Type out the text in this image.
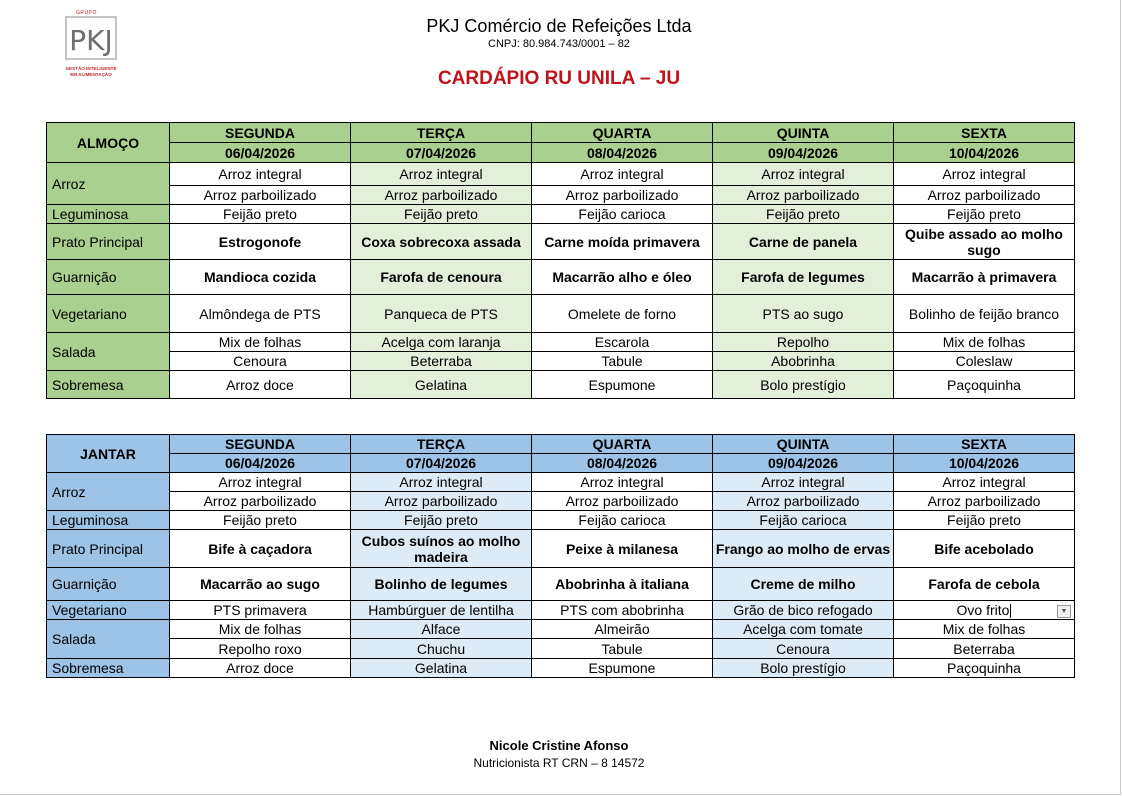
GRUPO
PKJ
GESTÃO INTELIGENTE
EM ALIMENTAÇÃO
PKJ Comércio de Refeições Ltda
CNPJ: 80.984.743/0001 – 82
CARDÁPIO RU UNILA – JU
ALMOÇO	SEGUNDA	TERÇA	QUARTA	QUINTA	SEXTA
	06/04/2026	07/04/2026	08/04/2026	09/04/2026	10/04/2026
Arroz	Arroz integral	Arroz integral	Arroz integral	Arroz integral	Arroz integral
	Arroz parboilizado	Arroz parboilizado	Arroz parboilizado	Arroz parboilizado	Arroz parboilizado
Leguminosa	Feijão preto	Feijão preto	Feijão carioca	Feijão preto	Feijão preto
Prato Principal	Estrogonofe	Coxa sobrecoxa assada	Carne moída primavera	Carne de panela	Quibe assado ao molho sugo
Guarnição	Mandioca cozida	Farofa de cenoura	Macarrão alho e óleo	Farofa de legumes	Macarrão à primavera
Vegetariano	Almôndega de PTS	Panqueca de PTS	Omelete de forno	PTS ao sugo	Bolinho de feijão branco
Salada	Mix de folhas	Acelga com laranja	Escarola	Repolho	Mix de folhas
	Cenoura	Beterraba	Tabule	Abobrinha	Coleslaw
Sobremesa	Arroz doce	Gelatina	Espumone	Bolo prestígio	Paçoquinha
JANTAR	SEGUNDA	TERÇA	QUARTA	QUINTA	SEXTA
	06/04/2026	07/04/2026	08/04/2026	09/04/2026	10/04/2026
Arroz	Arroz integral	Arroz integral	Arroz integral	Arroz integral	Arroz integral
	Arroz parboilizado	Arroz parboilizado	Arroz parboilizado	Arroz parboilizado	Arroz parboilizado
Leguminosa	Feijão preto	Feijão preto	Feijão carioca	Feijão carioca	Feijão preto
Prato Principal	Bife à caçadora	Cubos suínos ao molho madeira	Peixe à milanesa	Frango ao molho de ervas	Bife acebolado
Guarnição	Macarrão ao sugo	Bolinho de legumes	Abobrinha à italiana	Creme de milho	Farofa de cebola
Vegetariano	PTS primavera	Hambúrguer de lentilha	PTS com abobrinha	Grão de bico refogado	Ovo frito
Salada	Mix de folhas	Alface	Almeirão	Acelga com tomate	Mix de folhas
	Repolho roxo	Chuchu	Tabule	Cenoura	Beterraba
Sobremesa	Arroz doce	Gelatina	Espumone	Bolo prestígio	Paçoquinha
▼
Nicole Cristine Afonso
Nutricionista RT CRN – 8 14572
